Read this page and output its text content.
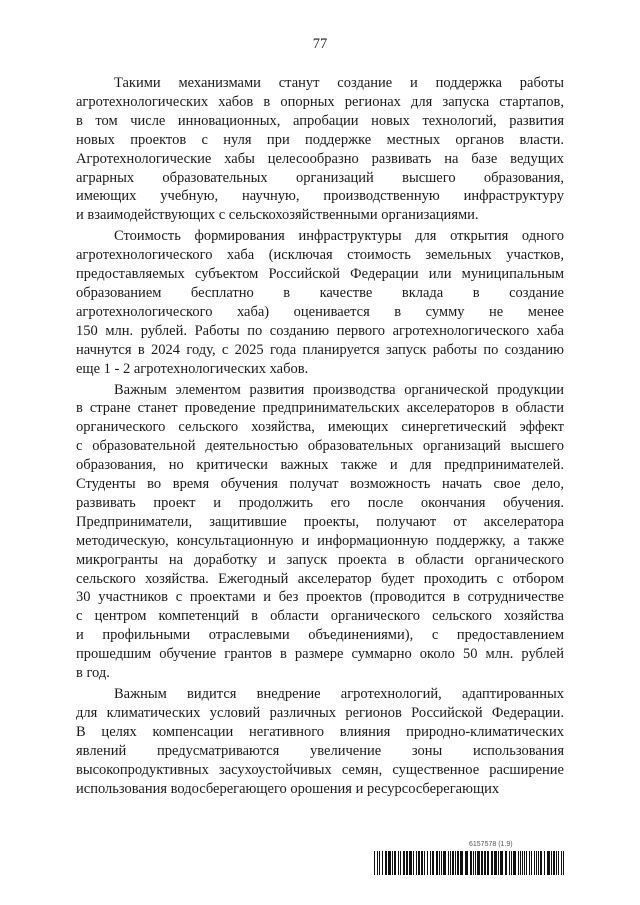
77

Такими механизмами станут создание и поддержка работы
агротехнологических хабов в опорных регионах для запуска стартапов,
в том числе инновационных, апробации новых технологий, развития
новых проектов с нуля при поддержке местных органов власти.
Агротехнологические хабы целесообразно развивать на базе ведущих
аграрных образовательных организаций высшего образования,
имеющих учебную, научную, производственную инфраструктуру
и взаимодействующих с сельскохозяйственными организациями.

Стоимость формирования инфраструктуры для открытия одного
агротехнологического хаба (исключая стоимость земельных участков,
предоставляемых субъектом Российской Федерации или муниципальным
образованием бесплатно в качестве вклада в создание
агротехнологического хаба) оценивается в сумму не менее
150 млн. рублей. Работы по созданию первого агротехнологического хаба
начнутся в 2024 году, с 2025 года планируется запуск работы по созданию
еще 1 - 2 агротехнологических хабов.

Важным элементом развития производства органической продукции
в стране станет проведение предпринимательских акселераторов в области
органического сельского хозяйства, имеющих синергетический эффект
с образовательной деятельностью образовательных организаций высшего
образования, но критически важных также и для предпринимателей.
Студенты во время обучения получат возможность начать свое дело,
развивать проект и продолжить его после окончания обучения.
Предприниматели, защитившие проекты, получают от акселератора
методическую, консультационную и информационную поддержку, а также
микрогранты на доработку и запуск проекта в области органического
сельского хозяйства. Ежегодный акселератор будет проходить с отбором
30 участников с проектами и без проектов (проводится в сотрудничестве
с центром компетенций в области органического сельского хозяйства
и профильными отраслевыми объединениями), с предоставлением
прошедшим обучение грантов в размере суммарно около 50 млн. рублей
в год.

Важным видится внедрение агротехнологий, адаптированных
для климатических условий различных регионов Российской Федерации.
В целях компенсации негативного влияния природно-климатических
явлений предусматриваются увеличение зоны использования
высокопродуктивных засухоустойчивых семян, существенное расширение
использования водосберегающего орошения и ресурсосберегающих

6157578 (1.9)
